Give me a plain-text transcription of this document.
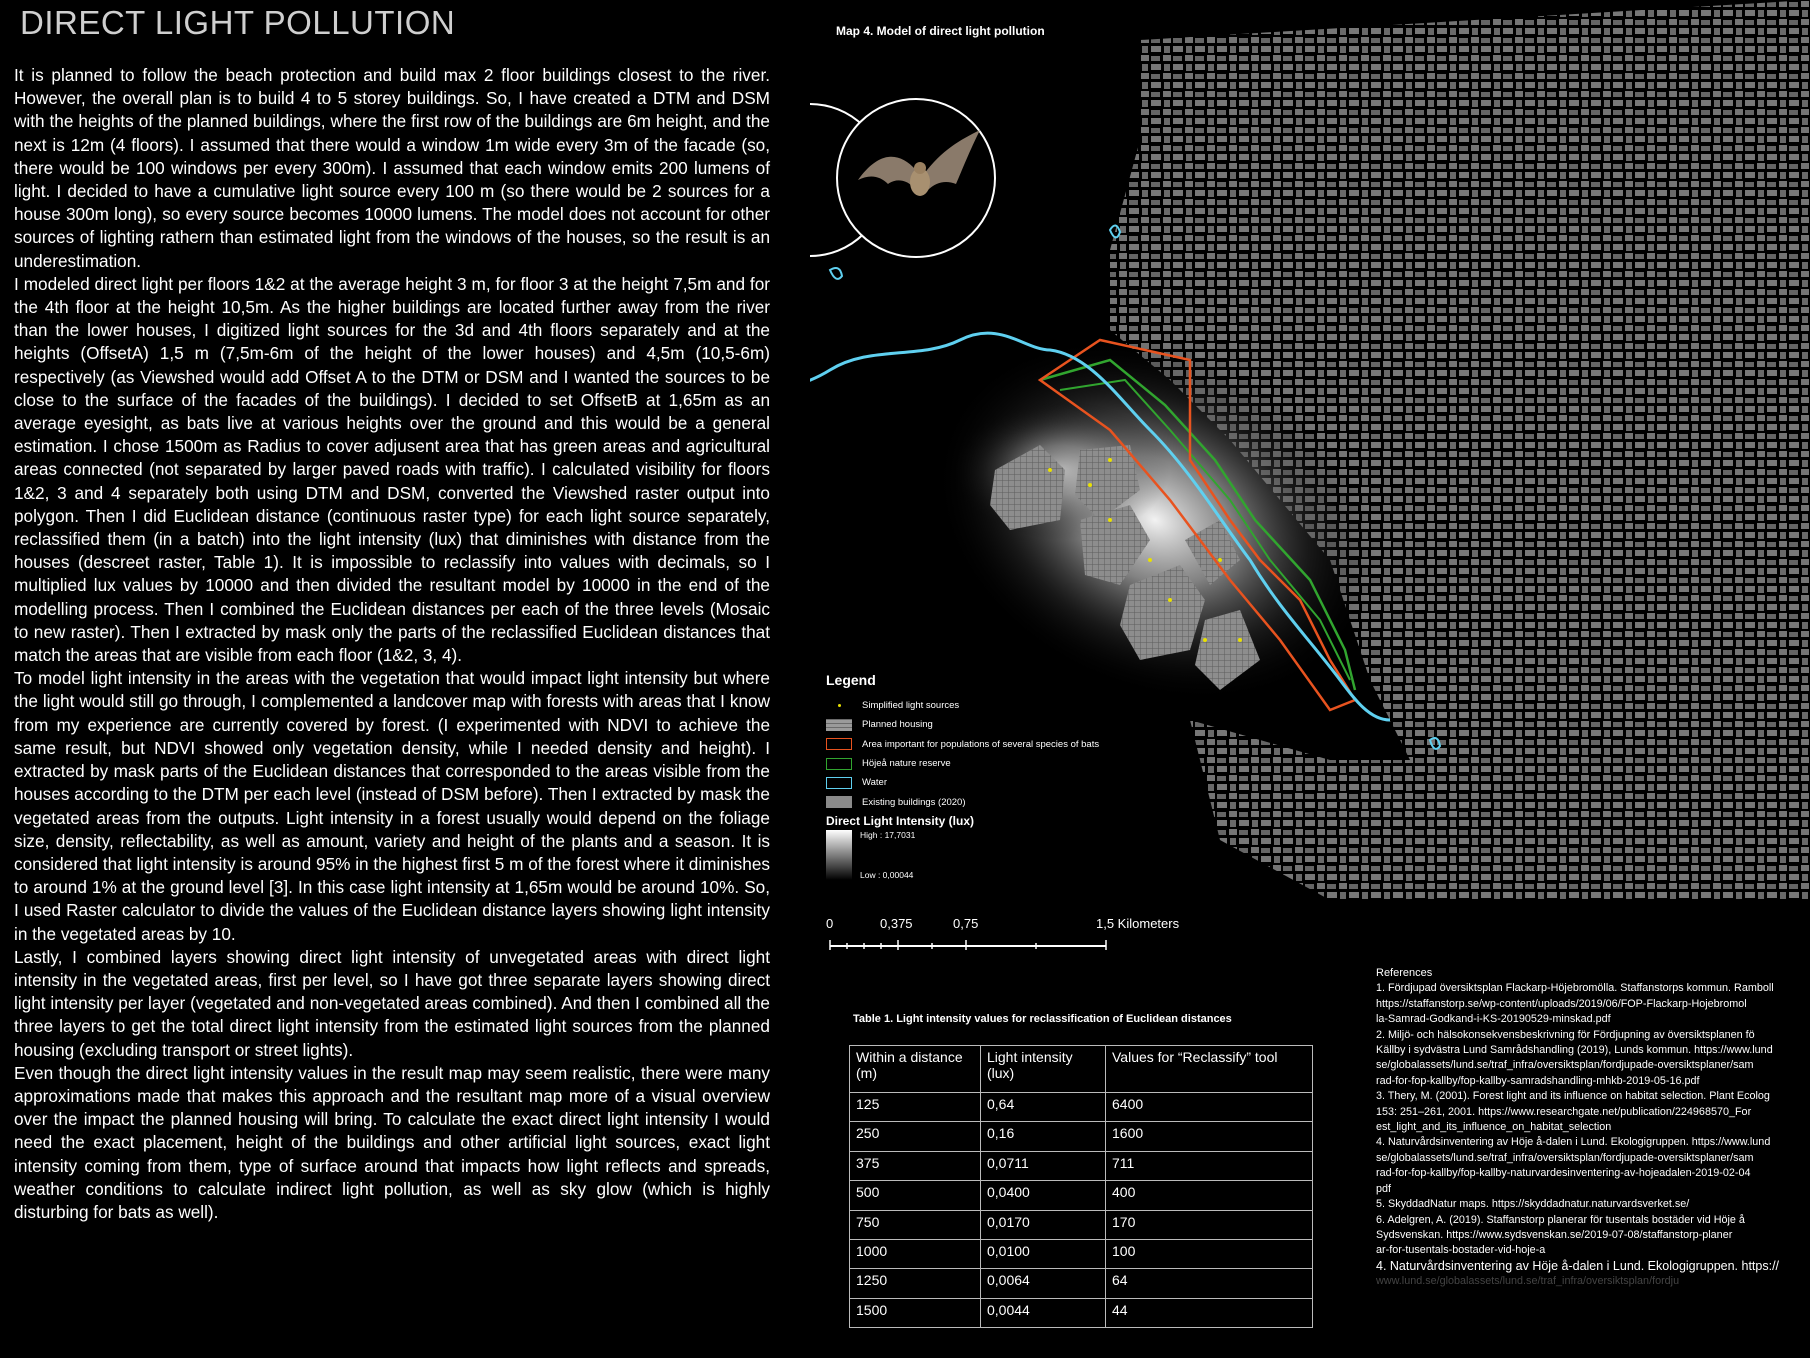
DIRECT LIGHT POLLUTION

It is planned to follow the beach protection and build max 2 floor buildings closest to the river. However, the overall plan is to build 4 to 5 storey buildings. So, I have created a DTM and DSM with the heights of the planned buildings, where the first row of the buildings are 6m height, and the next is 12m (4 floors). I assumed that there would a window 1m wide every 3m of the facade (so, there would be 100 windows per every 300m). I assumed that each window emits 200 lumens of light. I decided to have a cumulative light source every 100 m (so there would be 2 sources for a house 300m long), so every source becomes 10000 lumens. The model does not account for other sources of lighting rathern than estimated light from the windows of the houses, so the result is an underestimation.

I modeled direct light per floors 1&2 at the average height 3 m, for floor 3 at the height 7,5m and for the 4th floor at the height 10,5m. As the higher buildings are located further away from the river than the lower houses, I digitized light sources for the 3d and 4th floors separately and at the heights (OffsetA) 1,5 m (7,5m-6m of the height of the lower houses) and 4,5m (10,5-6m) respectively (as Viewshed would add Offset A to the DTM or DSM and I wanted the sources to be close to the surface of the facades of the buildings). I decided to set OffsetB at 1,65m as an average eyesight, as bats live at various heights over the ground and this would be a general estimation. I chose 1500m as Radius to cover adjusent area that has green areas and agricultural areas connected (not separated by larger paved roads with traffic). I calculated visibility for floors 1&2, 3 and 4 separately both using DTM and DSM, converted the Viewshed raster output into polygon. Then I did Euclidean distance (continuous raster type) for each light source separately, reclassified them (in a batch) into the light intensity (lux) that diminishes with distance from the houses (descreet raster, Table 1). It is impossible to reclassify into values with decimals, so I multiplied lux values by 10000 and then divided the resultant model by 10000 in the end of the modelling process. Then I combined the Euclidean distances per each of the three levels (Mosaic to new raster). Then I extracted by mask only the parts of the reclassified Euclidean distances that match the areas that are visible from each floor (1&2, 3, 4).

To model light intensity in the areas with the vegetation that would impact light intensity but where the light would still go through, I complemented a landcover map with forests with areas that I know from my experience are currently covered by forest. (I experimented with NDVI to achieve the same result, but NDVI showed only vegetation density, while I needed density and height). I extracted by mask parts of the Euclidean distances that corresponded to the areas visible from the houses according to the DTM per each level (instead of DSM before). Then I extracted by mask the vegetated areas from the outputs. Light intensity in a forest usually would depend on the foliage size, density, reflectability, as well as amount, variety and height of the plants and a season. It is considered that light intensity is around 95% in the highest first 5 m of the forest where it diminishes to around 1% at the ground level [3]. In this case light intensity at 1,65m would be around 10%. So, I used Raster calculator to divide the values of the Euclidean distance layers showing light intensity in the vegetated areas by 10.

Lastly, I combined layers showing direct light intensity of unvegetated areas with direct light intensity in the vegetated areas, first per level, so I have got three separate layers showing direct light intensity per layer (vegetated and non-vegetated areas combined). And then I combined all the three layers to get the total direct light intensity from the estimated light sources from the planned housing (excluding transport or street lights).

Even though the direct light intensity values in the result map may seem realistic, there were many approximations made that makes this approach and the resultant map more of a visual overview over the impact the planned housing will bring. To calculate the exact direct light intensity I would need the exact placement, height of the buildings and other artificial light sources, exact light intensity coming from them, type of surface around that impacts how light reflects and spreads, weather conditions to calculate indirect light pollution, as well as sky glow (which is highly disturbing for bats as well).

Map 4. Model of direct light pollution
Legend
Simplified light sources
Planned housing
Area important for populations of several species of bats
Höjeå nature reserve
Water
Existing buildings (2020)
Direct Light Intensity (lux)
High : 17,7031
Low : 0,00044
0	0,375	0,75	1,5 Kilometers
Table 1. Light intensity values for reclassification of Euclidean distances
Within a distance (m)	Light intensity (lux)	Values for “Reclassify” tool
125	0,64	6400
250	0,16	1600
375	0,0711	711
500	0,0400	400
750	0,0170	170
1000	0,0100	100
1250	0,0064	64
1500	0,0044	44
References
1. Fördjupad översiktsplan Flackarp-Höjebromölla. Staffanstorps kommun. Ramboll
https://staffanstorp.se/wp-content/uploads/2019/06/FOP-Flackarp-Hojebromol
la-Samrad-Godkand-i-KS-20190529-minskad.pdf
2. Miljö- och hälsokonsekvensbeskrivning för Fördjupning av översiktsplanen fö
Källby i sydvästra Lund Samrådshandling (2019), Lunds kommun. https://www.lund
se/globalassets/lund.se/traf_infra/oversiktsplan/fordjupade-oversiktsplaner/sam
rad-for-fop-kallby/fop-kallby-samradshandling-mhkb-2019-05-16.pdf
3. Thery, M. (2001). Forest light and its influence on habitat selection. Plant Ecolog
153: 251–261, 2001. https://www.researchgate.net/publication/224968570_For
est_light_and_its_influence_on_habitat_selection
4. Naturvårdsinventering av Höje å-dalen i Lund. Ekologigruppen. https://www.lund
se/globalassets/lund.se/traf_infra/oversiktsplan/fordjupade-oversiktsplaner/sam
rad-for-fop-kallby/fop-kallby-naturvardesinventering-av-hojeadalen-2019-02-04
pdf
5. SkyddadNatur maps. https://skyddadnatur.naturvardsverket.se/
6. Adelgren, A. (2019). Staffanstorp planerar för tusentals bostäder vid Höje å
Sydsvenskan. https://www.sydsvenskan.se/2019-07-08/staffanstorp-planer
ar-for-tusentals-bostader-vid-hoje-a
4. Naturvårdsinventering av Höje å-dalen i Lund. Ekologigruppen. https://
www.lund.se/globalassets/lund.se/traf_infra/oversiktsplan/fordju
